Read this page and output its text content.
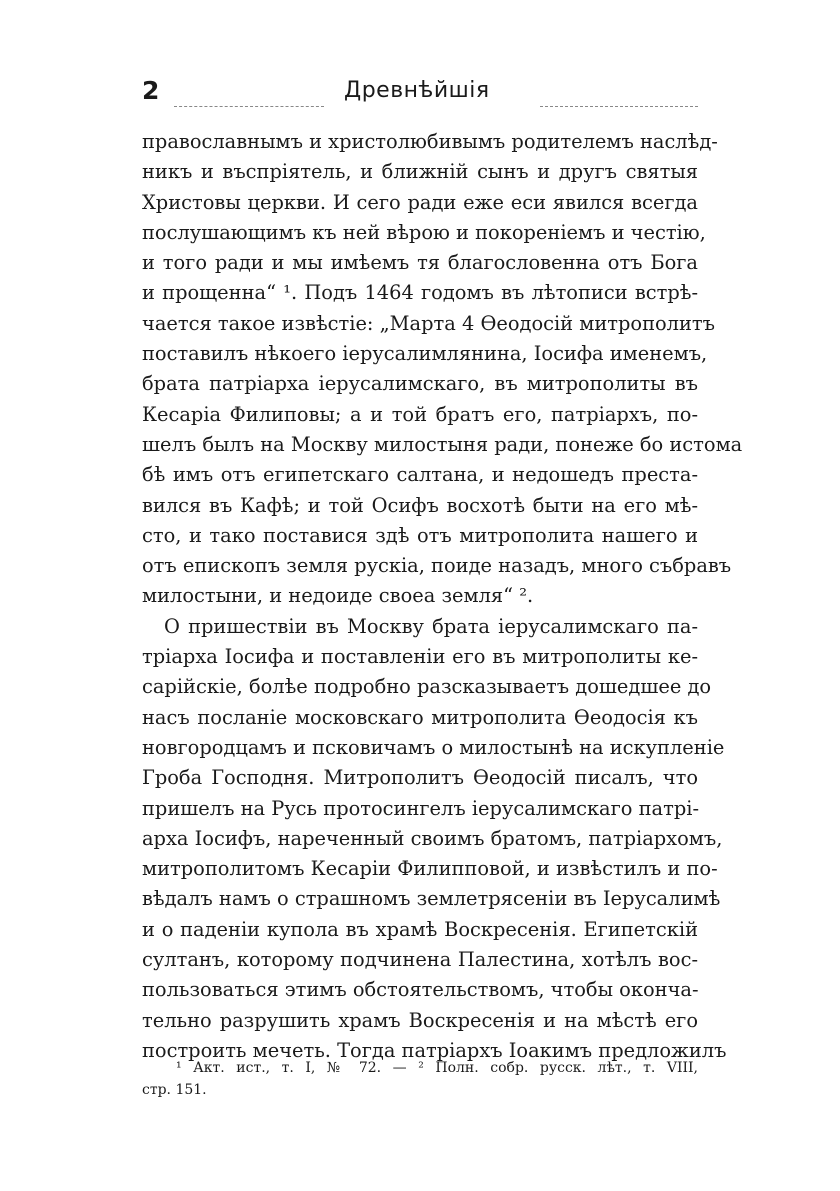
2	Древнѣйшія
православнымъ и христолюбивымъ родителемъ наслѣд-
никъ и въспріятель, и ближній сынъ и другъ святыя
Христовы церкви. И сего ради еже еси явился всегда
послушающимъ къ ней вѣрою и покореніемъ и честію,
и того ради и мы имѣемъ тя благословенна отъ Бога
и прощенна“ ¹. Подъ 1464 годомъ въ лѣтописи встрѣ-
чается такое извѣстіе: „Марта 4 Ѳеодосій митрополитъ
поставилъ нѣкоего іерусалимлянина, Іосифа именемъ,
брата патріарха іерусалимскаго, въ митрополиты въ
Кесаріа Филиповы; а и той братъ его, патріархъ, по-
шелъ былъ на Москву милостыня ради, понеже бо истома
бѣ имъ отъ египетскаго салтана, и недошедъ преста-
вился въ Кафѣ; и той Осифъ восхотѣ быти на его мѣ-
сто, и тако поставися здѣ отъ митрополита нашего и
отъ епископъ земля рускіа, поиде назадъ, много събравъ
милостыни, и недоиде своеа земля“ ².
О пришествіи въ Москву брата іерусалимскаго па-
тріарха Іосифа и поставленіи его въ митрополиты ке-
сарійскіе, болѣе подробно разсказываетъ дошедшее до
насъ посланіе московскаго митрополита Ѳеодосія къ
новгородцамъ и псковичамъ о милостынѣ на искупленіе
Гроба Господня. Митрополитъ Ѳеодосій писалъ, что
пришелъ на Русь протосингелъ іерусалимскаго патрі-
арха Іосифъ, нареченный своимъ братомъ, патріархомъ,
митрополитомъ Кесаріи Филипповой, и извѣстилъ и по-
вѣдалъ намъ о страшномъ землетрясеніи въ Іерусалимѣ
и о паденіи купола въ храмѣ Воскресенія. Египетскій
султанъ, которому подчинена Палестина, хотѣлъ вос-
пользоваться этимъ обстоятельствомъ, чтобы оконча-
тельно разрушить храмъ Воскресенія и на мѣстѣ его
построить мечеть. Тогда патріархъ Іоакимъ предложилъ
¹ Акт. ист., т. I, № 72. — ² Полн. собр. русск. лѣт., т. VIII,
стр. 151.
